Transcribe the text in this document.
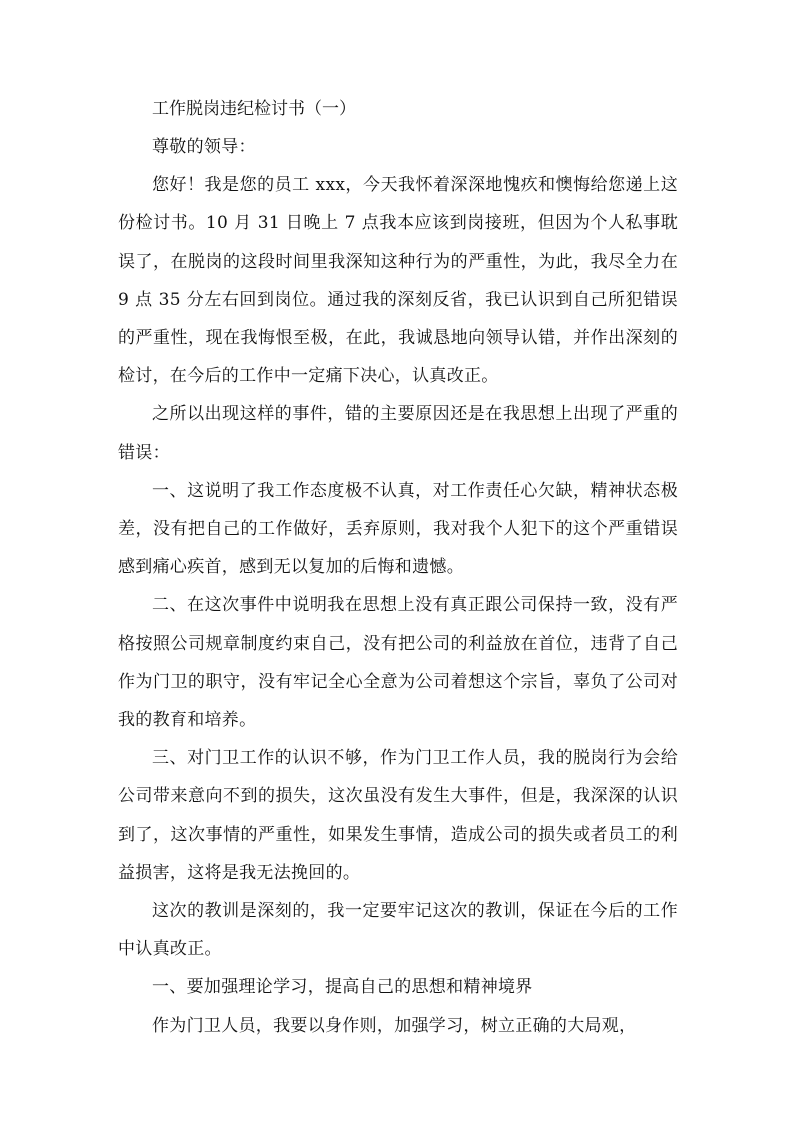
工作脱岗违纪检讨书（一）

尊敬的领导：

您好！我是您的员工 xxx，今天我怀着深深地愧疚和懊悔给您递上这份检讨书。10 月 31 日晚上 7 点我本应该到岗接班，但因为个人私事耽误了，在脱岗的这段时间里我深知这种行为的严重性，为此，我尽全力在 9 点 35 分左右回到岗位。通过我的深刻反省，我已认识到自己所犯错误的严重性，现在我悔恨至极，在此，我诚恳地向领导认错，并作出深刻的检讨，在今后的工作中一定痛下决心，认真改正。

之所以出现这样的事件，错的主要原因还是在我思想上出现了严重的错误：

一、这说明了我工作态度极不认真，对工作责任心欠缺，精神状态极差，没有把自己的工作做好，丢弃原则，我对我个人犯下的这个严重错误感到痛心疾首，感到无以复加的后悔和遗憾。

二、在这次事件中说明我在思想上没有真正跟公司保持一致，没有严格按照公司规章制度约束自己，没有把公司的利益放在首位，违背了自己作为门卫的职守，没有牢记全心全意为公司着想这个宗旨，辜负了公司对我的教育和培养。

三、对门卫工作的认识不够，作为门卫工作人员，我的脱岗行为会给公司带来意向不到的损失，这次虽没有发生大事件，但是，我深深的认识到了，这次事情的严重性，如果发生事情，造成公司的损失或者员工的利益损害，这将是我无法挽回的。

这次的教训是深刻的，我一定要牢记这次的教训，保证在今后的工作中认真改正。

一、要加强理论学习，提高自己的思想和精神境界

作为门卫人员，我要以身作则，加强学习，树立正确的大局观，
